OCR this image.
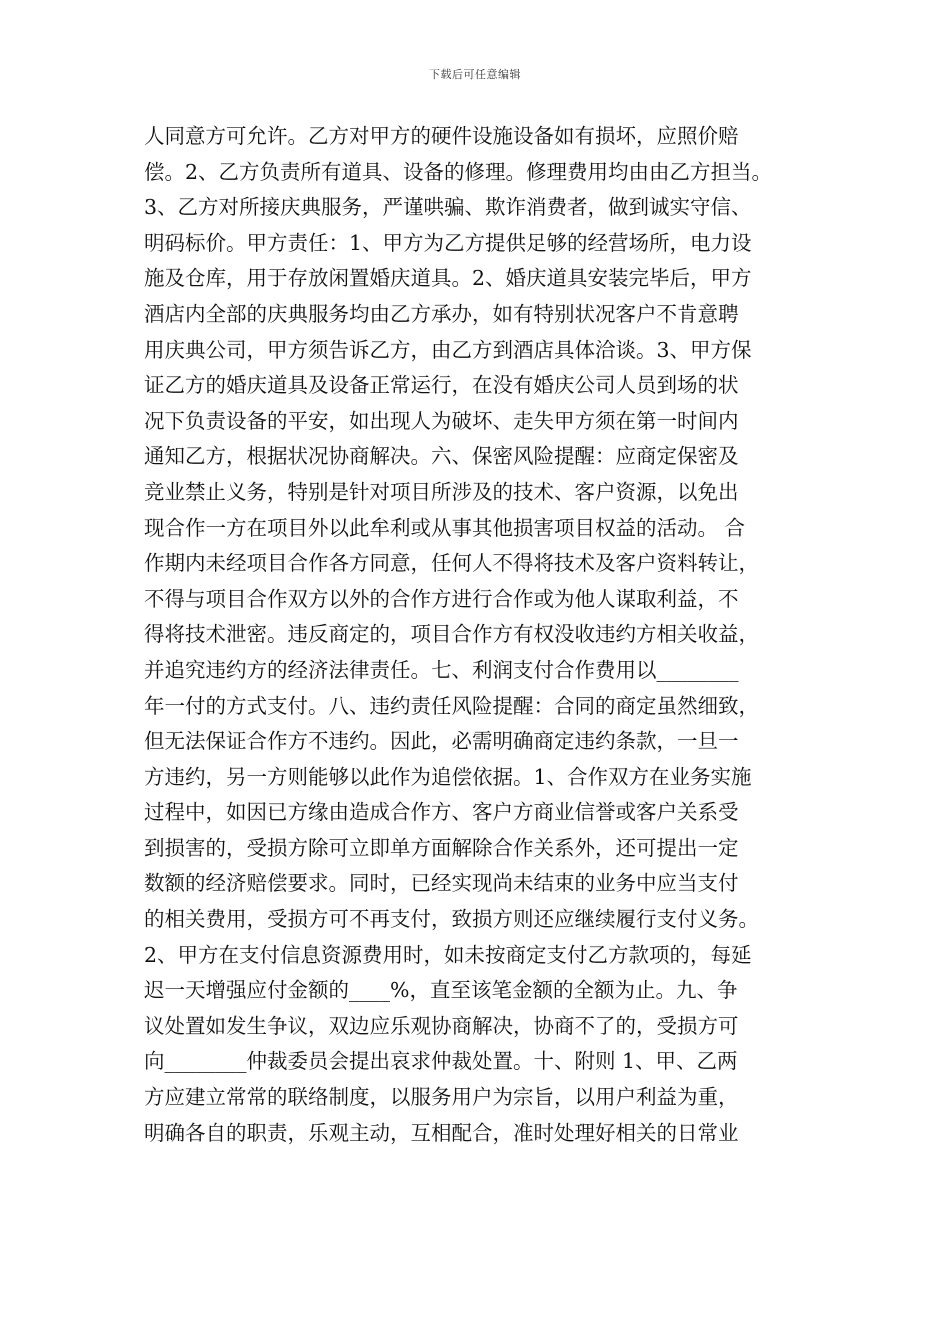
下载后可任意编辑
人同意方可允许。乙方对甲方的硬件设施设备如有损坏，应照价赔
偿。2、乙方负责所有道具、设备的修理。修理费用均由由乙方担当。
3、乙方对所接庆典服务，严谨哄骗、欺诈消费者，做到诚实守信、
明码标价。甲方责任：1、甲方为乙方提供足够的经营场所，电力设
施及仓库，用于存放闲置婚庆道具。2、婚庆道具安装完毕后，甲方
酒店内全部的庆典服务均由乙方承办，如有特别状况客户不肯意聘
用庆典公司，甲方须告诉乙方，由乙方到酒店具体洽谈。3、甲方保
证乙方的婚庆道具及设备正常运行，在没有婚庆公司人员到场的状
况下负责设备的平安，如出现人为破坏、走失甲方须在第一时间内
通知乙方，根据状况协商解决。六、保密风险提醒：应商定保密及
竞业禁止义务，特别是针对项目所涉及的技术、客户资源，以免出
现合作一方在项目外以此牟利或从事其他损害项目权益的活动。 合
作期内未经项目合作各方同意，任何人不得将技术及客户资料转让，
不得与项目合作双方以外的合作方进行合作或为他人谋取利益，不
得将技术泄密。违反商定的，项目合作方有权没收违约方相关收益，
并追究违约方的经济法律责任。七、利润支付合作费用以________
年一付的方式支付。八、违约责任风险提醒：合同的商定虽然细致，
但无法保证合作方不违约。因此，必需明确商定违约条款，一旦一
方违约，另一方则能够以此作为追偿依据。1、合作双方在业务实施
过程中，如因已方缘由造成合作方、客户方商业信誉或客户关系受
到损害的，受损方除可立即单方面解除合作关系外，还可提出一定
数额的经济赔偿要求。同时，已经实现尚未结束的业务中应当支付
的相关费用，受损方可不再支付，致损方则还应继续履行支付义务。
2、甲方在支付信息资源费用时，如未按商定支付乙方款项的，每延
迟一天增强应付金额的____%，直至该笔金额的全额为止。九、争
议处置如发生争议，双边应乐观协商解决，协商不了的，受损方可
向________仲裁委员会提出哀求仲裁处置。十、附则 1、甲、乙两
方应建立常常的联络制度，以服务用户为宗旨，以用户利益为重，
明确各自的职责，乐观主动，互相配合，准时处理好相关的日常业
